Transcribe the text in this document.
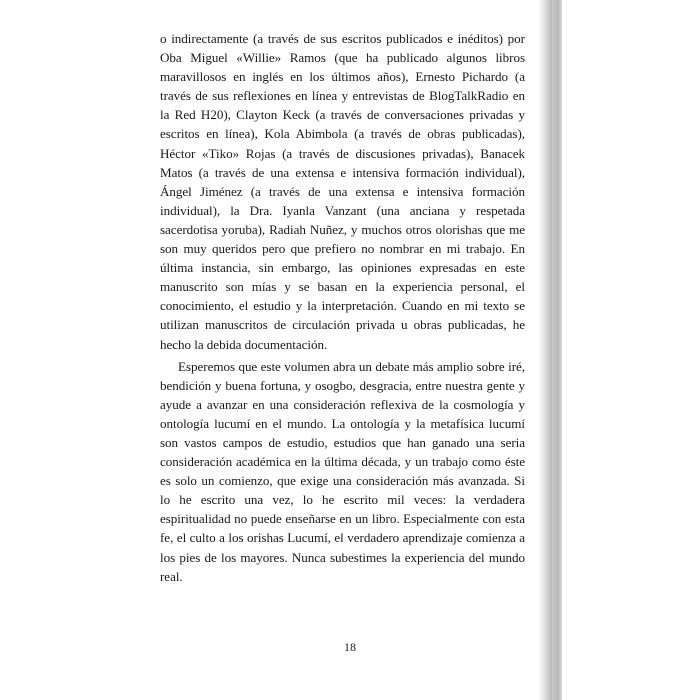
o indirectamente (a través de sus escritos publicados e inéditos) por Oba Miguel «Willie» Ramos (que ha publicado algunos libros maravillosos en inglés en los últimos años), Ernesto Pichardo (a través de sus reflexiones en línea y entrevistas de BlogTalkRadio en la Red H20), Clayton Keck (a través de conversaciones privadas y escritos en línea), Kola Abimbola (a través de obras publicadas), Héctor «Tiko» Rojas (a través de discusiones privadas), Banacek Matos (a través de una extensa e intensiva formación individual), Ángel Jiménez (a través de una extensa e intensiva formación individual), la Dra. Iyanla Vanzant (una anciana y respetada sacerdotisa yoruba), Radiah Nuñez, y muchos otros olorishas que me son muy queridos pero que prefiero no nombrar en mi trabajo. En última instancia, sin embargo, las opiniones expresadas en este manuscrito son mías y se basan en la experiencia personal, el conocimiento, el estudio y la interpretación. Cuando en mi texto se utilizan manuscritos de circulación privada u obras publicadas, he hecho la debida documentación.

Esperemos que este volumen abra un debate más amplio sobre iré, bendición y buena fortuna, y osogbo, desgracia, entre nuestra gente y ayude a avanzar en una consideración reflexiva de la cosmología y ontología lucumí en el mundo. La ontología y la metafísica lucumí son vastos campos de estudio, estudios que han ganado una seria consideración académica en la última década, y un trabajo como éste es solo un comienzo, que exige una consideración más avanzada. Si lo he escrito una vez, lo he escrito mil veces: la verdadera espiritualidad no puede enseñarse en un libro. Especialmente con esta fe, el culto a los orishas Lucumí, el verdadero aprendizaje comienza a los pies de los mayores. Nunca subestimes la experiencia del mundo real.

18
